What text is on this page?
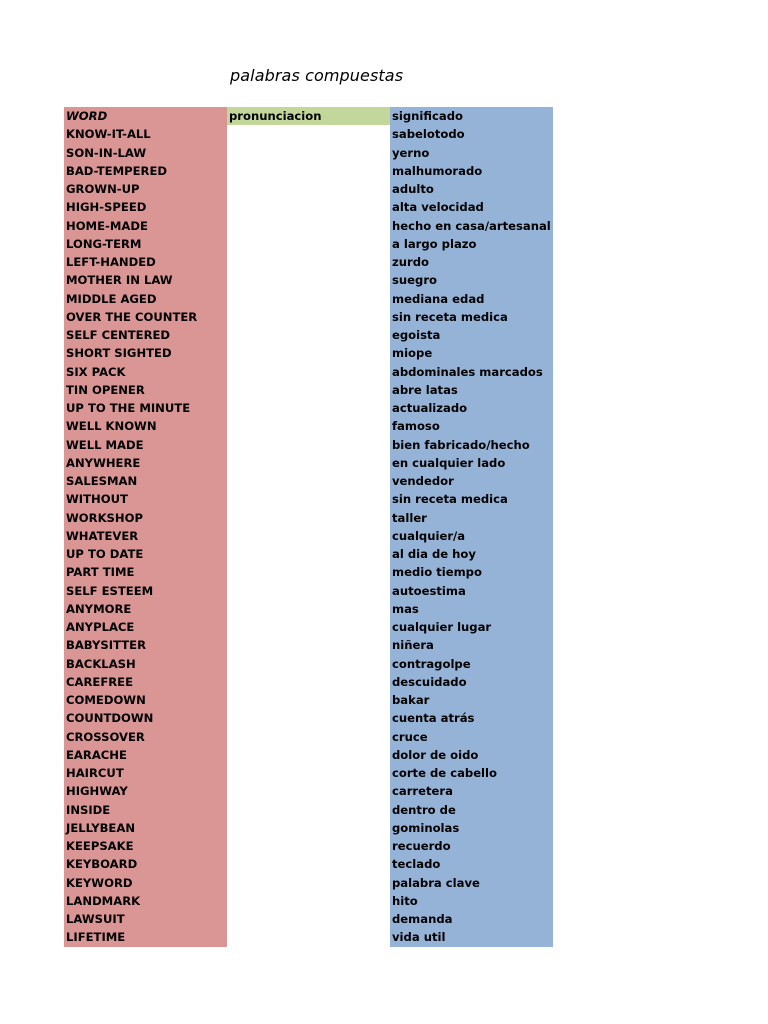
palabras compuestas
WORD
KNOW-IT-ALL
SON-IN-LAW
BAD-TEMPERED
GROWN-UP
HIGH-SPEED
HOME-MADE
LONG-TERM
LEFT-HANDED
MOTHER IN LAW
MIDDLE AGED
OVER THE COUNTER
SELF CENTERED
SHORT SIGHTED
SIX PACK
TIN OPENER
UP TO THE MINUTE
WELL KNOWN
WELL MADE
ANYWHERE
SALESMAN
WITHOUT
WORKSHOP
WHATEVER
UP TO DATE
PART TIME
SELF ESTEEM
ANYMORE
ANYPLACE
BABYSITTER
BACKLASH
CAREFREE
COMEDOWN
COUNTDOWN
CROSSOVER
EARACHE
HAIRCUT
HIGHWAY
INSIDE
JELLYBEAN
KEEPSAKE
KEYBOARD
KEYWORD
LANDMARK
LAWSUIT
LIFETIME
pronunciacion	significado
sabelotodo
yerno
malhumorado
adulto
alta velocidad
hecho en casa/artesanal
a largo plazo
zurdo
suegro
mediana edad
sin receta medica
egoista
miope
abdominales marcados
abre latas
actualizado
famoso
bien fabricado/hecho
en cualquier lado
vendedor
sin receta medica
taller
cualquier/a
al dia de hoy
medio tiempo
autoestima
mas
cualquier lugar
niñera
contragolpe
descuidado
bakar
cuenta atrás
cruce
dolor de oido
corte de cabello
carretera
dentro de
gominolas
recuerdo
teclado
palabra clave
hito
demanda
vida util
